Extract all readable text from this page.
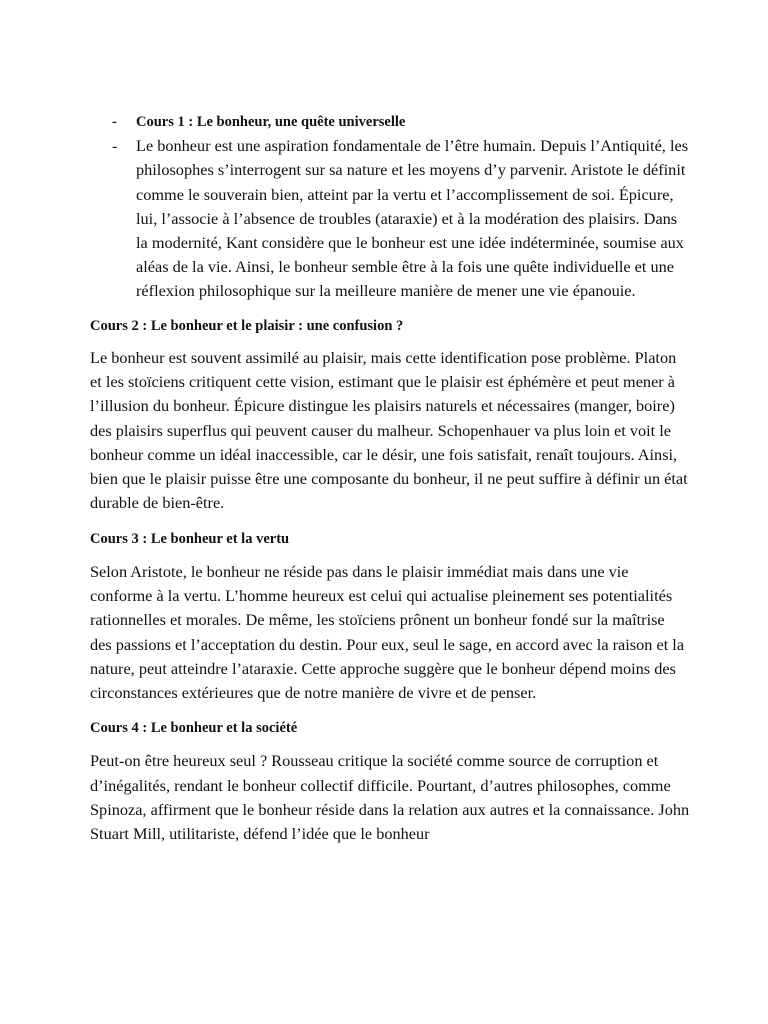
- Cours 1 : Le bonheur, une quête universelle
- Le bonheur est une aspiration fondamentale de l’être humain. Depuis l’Antiquité, les philosophes s’interrogent sur sa nature et les moyens d’y parvenir. Aristote le définit comme le souverain bien, atteint par la vertu et l’accomplissement de soi. Épicure, lui, l’associe à l’absence de troubles (ataraxie) et à la modération des plaisirs. Dans la modernité, Kant considère que le bonheur est une idée indéterminée, soumise aux aléas de la vie. Ainsi, le bonheur semble être à la fois une quête individuelle et une réflexion philosophique sur la meilleure manière de mener une vie épanouie.

Cours 2 : Le bonheur et le plaisir : une confusion ?

Le bonheur est souvent assimilé au plaisir, mais cette identification pose problème. Platon et les stoïciens critiquent cette vision, estimant que le plaisir est éphémère et peut mener à l’illusion du bonheur. Épicure distingue les plaisirs naturels et nécessaires (manger, boire) des plaisirs superflus qui peuvent causer du malheur. Schopenhauer va plus loin et voit le bonheur comme un idéal inaccessible, car le désir, une fois satisfait, renaît toujours. Ainsi, bien que le plaisir puisse être une composante du bonheur, il ne peut suffire à définir un état durable de bien-être.

Cours 3 : Le bonheur et la vertu

Selon Aristote, le bonheur ne réside pas dans le plaisir immédiat mais dans une vie conforme à la vertu. L’homme heureux est celui qui actualise pleinement ses potentialités rationnelles et morales. De même, les stoïciens prônent un bonheur fondé sur la maîtrise des passions et l’acceptation du destin. Pour eux, seul le sage, en accord avec la raison et la nature, peut atteindre l’ataraxie. Cette approche suggère que le bonheur dépend moins des circonstances extérieures que de notre manière de vivre et de penser.

Cours 4 : Le bonheur et la société

Peut-on être heureux seul ? Rousseau critique la société comme source de corruption et d’inégalités, rendant le bonheur collectif difficile. Pourtant, d’autres philosophes, comme Spinoza, affirment que le bonheur réside dans la relation aux autres et la connaissance. John Stuart Mill, utilitariste, défend l’idée que le bonheur
